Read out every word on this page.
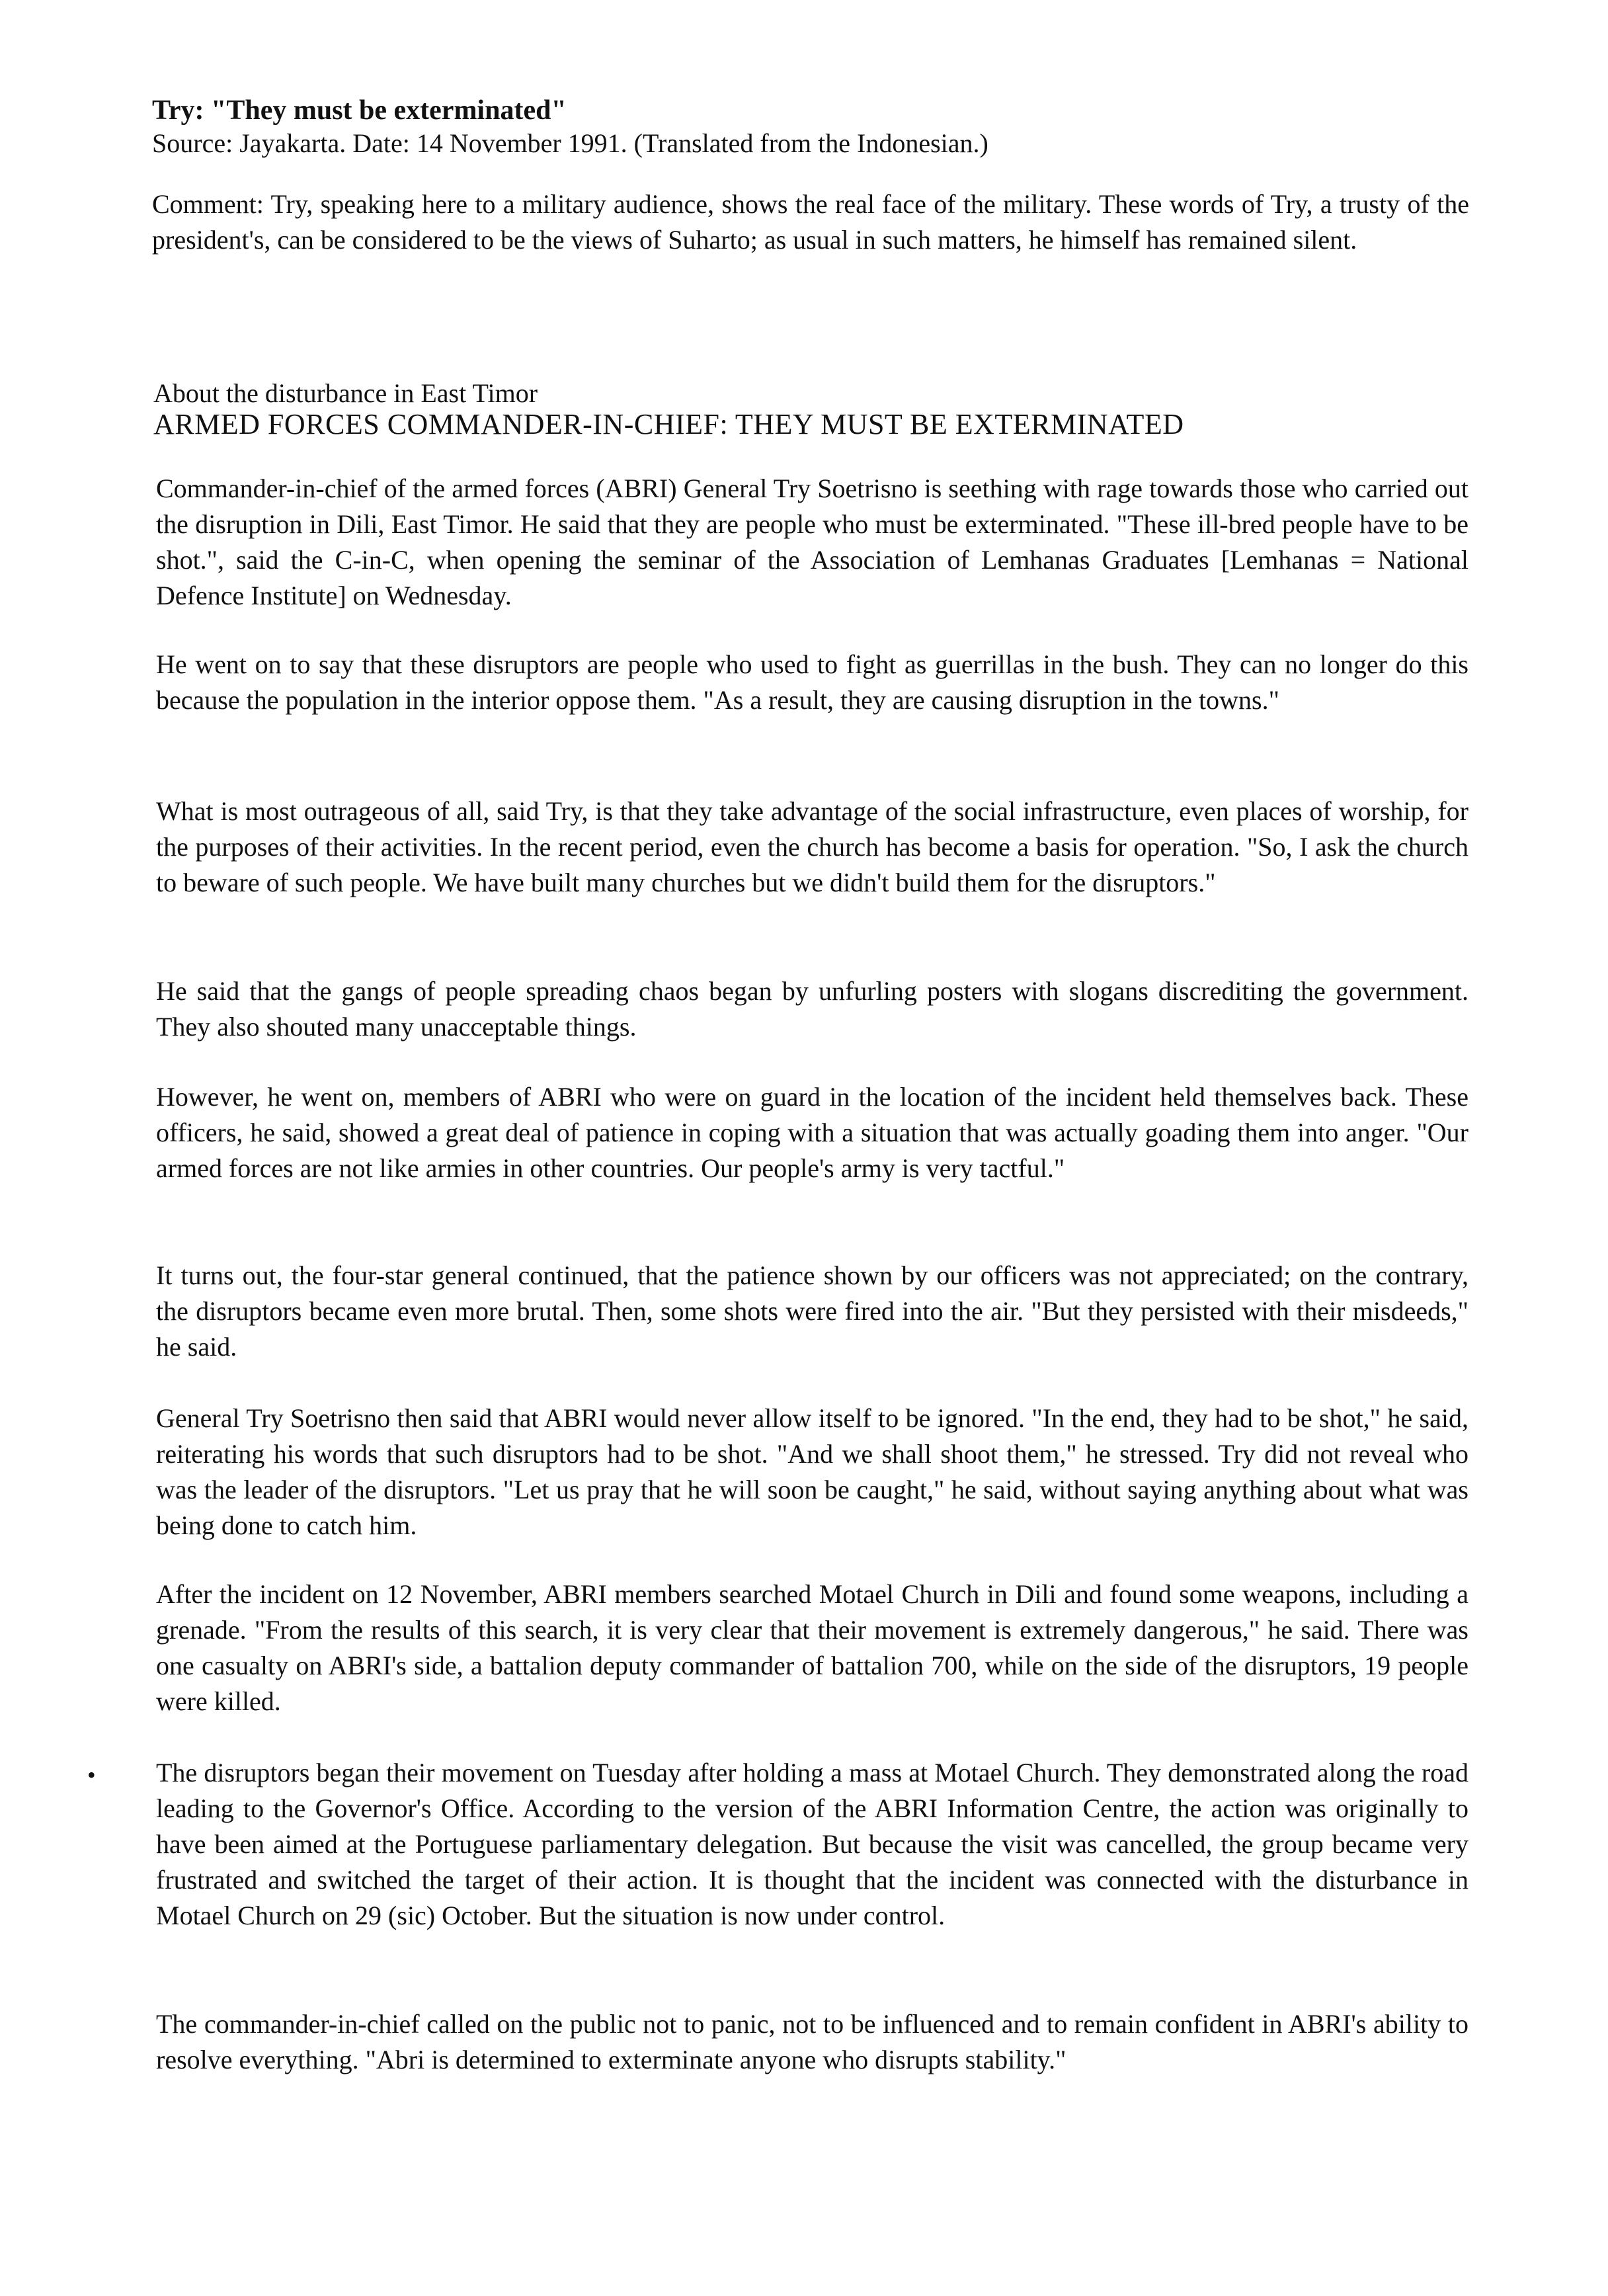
Try: "They must be exterminated"

Source: Jayakarta. Date: 14 November 1991. (Translated from the Indonesian.)

Comment: Try, speaking here to a military audience, shows the real face of the military. These words of Try, a trusty of the president's, can be considered to be the views of Suharto; as usual in such matters, he himself has remained silent.

About the disturbance in East Timor

ARMED FORCES COMMANDER-IN-CHIEF: THEY MUST BE EXTERMINATED

Commander-in-chief of the armed forces (ABRI) General Try Soetrisno is seething with rage towards those who carried out the disruption in Dili, East Timor. He said that they are people who must be exterminated. "These ill-bred people have to be shot.", said the C-in-C, when opening the seminar of the Association of Lemhanas Graduates [Lemhanas = National Defence Institute] on Wednesday.

He went on to say that these disruptors are people who used to fight as guerrillas in the bush. They can no longer do this because the population in the interior oppose them. "As a result, they are causing disruption in the towns."

What is most outrageous of all, said Try, is that they take advantage of the social infrastructure, even places of worship, for the purposes of their activities. In the recent period, even the church has become a basis for operation. "So, I ask the church to beware of such people. We have built many churches but we didn't build them for the disruptors."

He said that the gangs of people spreading chaos began by unfurling posters with slogans discrediting the government. They also shouted many unacceptable things.

However, he went on, members of ABRI who were on guard in the location of the incident held themselves back. These officers, he said, showed a great deal of patience in coping with a situation that was actually goading them into anger. "Our armed forces are not like armies in other countries. Our people's army is very tactful."

It turns out, the four-star general continued, that the patience shown by our officers was not appreciated; on the contrary, the disruptors became even more brutal. Then, some shots were fired into the air. "But they persisted with their misdeeds," he said.

General Try Soetrisno then said that ABRI would never allow itself to be ignored. "In the end, they had to be shot," he said, reiterating his words that such disruptors had to be shot. "And we shall shoot them," he stressed. Try did not reveal who was the leader of the disruptors. "Let us pray that he will soon be caught," he said, without saying anything about what was being done to catch him.

After the incident on 12 November, ABRI members searched Motael Church in Dili and found some weapons, including a grenade. "From the results of this search, it is very clear that their movement is extremely dangerous," he said. There was one casualty on ABRI's side, a battalion deputy commander of battalion 700, while on the side of the disruptors, 19 people were killed.

• The disruptors began their movement on Tuesday after holding a mass at Motael Church. They demonstrated along the road leading to the Governor's Office. According to the version of the ABRI Information Centre, the action was originally to have been aimed at the Portuguese parliamentary delegation. But because the visit was cancelled, the group became very frustrated and switched the target of their action. It is thought that the incident was connected with the disturbance in Motael Church on 29 (sic) October. But the situation is now under control.

The commander-in-chief called on the public not to panic, not to be influenced and to remain confident in ABRI's ability to resolve everything. "Abri is determined to exterminate anyone who disrupts stability."
